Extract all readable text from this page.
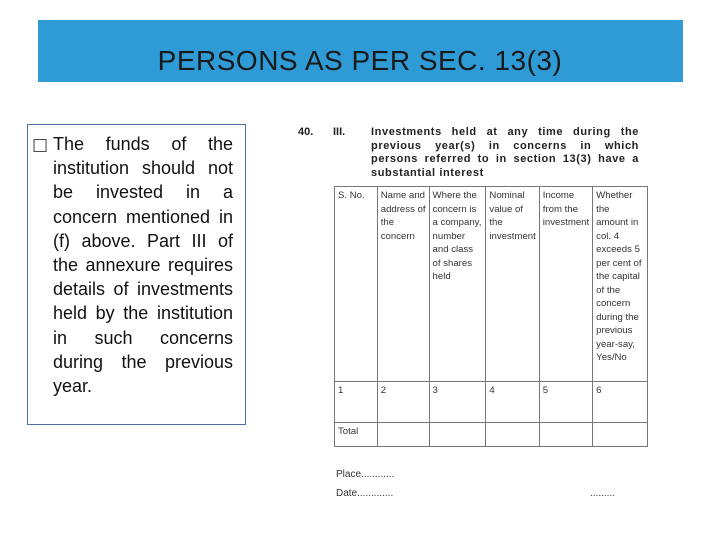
PERSONS AS PER SEC. 13(3)
□ The funds of the institution should not be invested in a concern mentioned in (f) above. Part III of the annexure requires details of investments held by the institution in such concerns during the previous year.
40. III. Investments held at any time during the previous year(s) in concerns in which persons referred to in section 13(3) have a substantial interest
S. No.	Name and address of the concern	Where the concern is a company, number and class of shares held	Nominal value of the investment	Income from the investment	Whether the amount in col. 4 exceeds 5 per cent of the capital of the concern during the previous year-say, Yes/No
1	2	3	4	5	6
Total					
Place............
Date.............	.........
